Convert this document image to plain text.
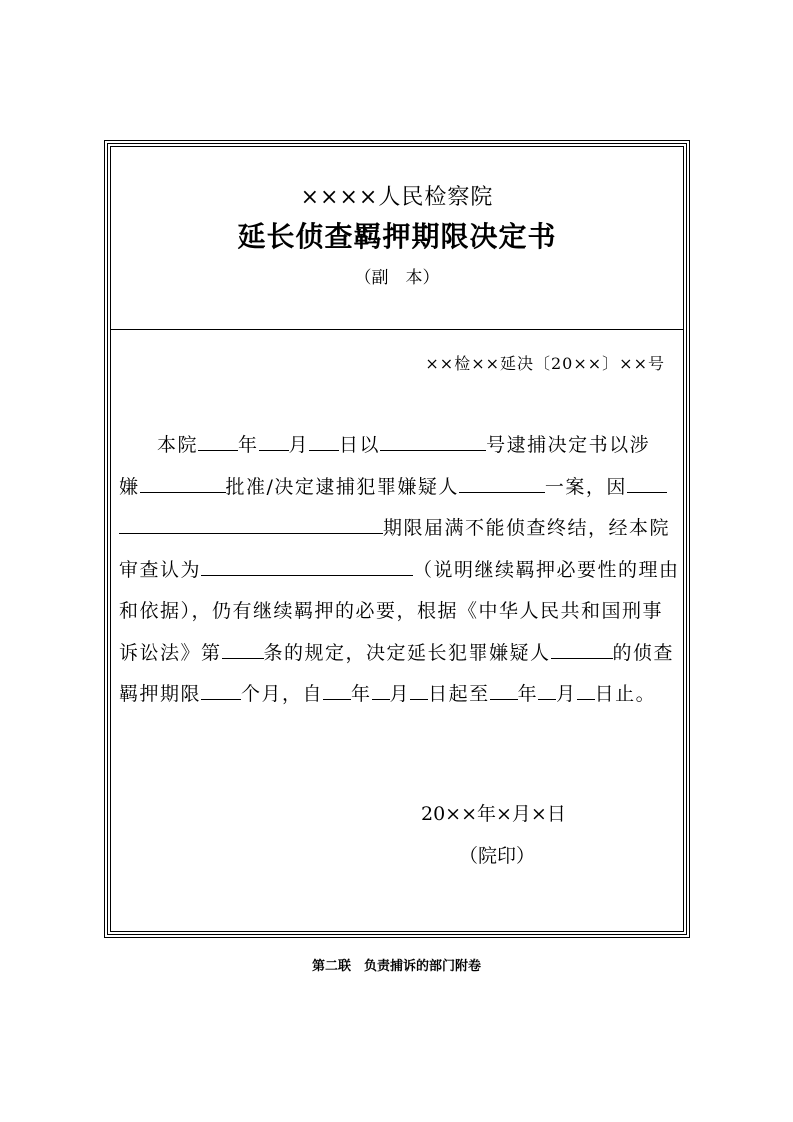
××××人民检察院
延长侦查羁押期限决定书
（副　本）
××检××延决〔20××〕××号
本院 年 月 日以	号逮捕决定书以涉
嫌	批准/决定逮捕犯罪嫌疑人	一案，因
期限届满不能侦查终结，经本院
审查认为	（说明继续羁押必要性的理由
和依据），仍有继续羁押的必要，根据《中华人民共和国刑事
诉讼法》第 条的规定，决定延长犯罪嫌疑人	的侦查
羁押期限 个月，自 年 月 日起至 年 月 日止。
20××年×月×日
（院印）
第二联　负责捕诉的部门附卷
